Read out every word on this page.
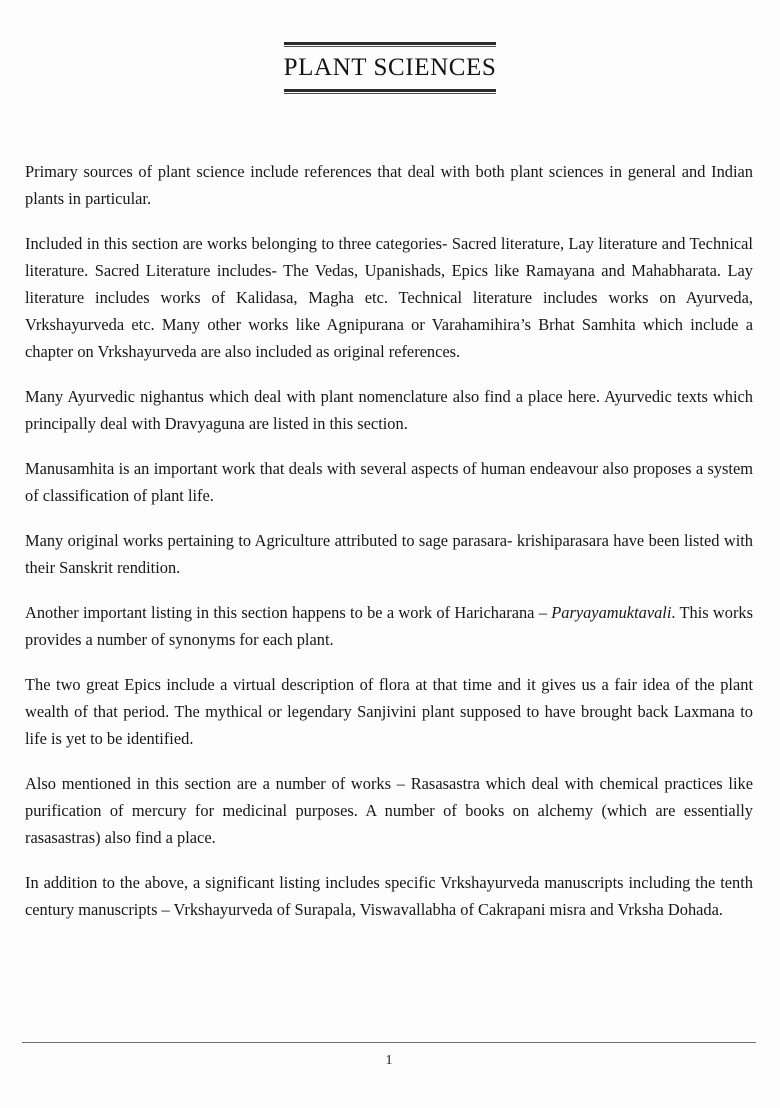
PLANT SCIENCES
Primary sources of plant science include references that deal with both plant sciences in general and Indian plants in particular.
Included in this section are works belonging to three categories- Sacred literature, Lay literature and Technical literature. Sacred Literature includes- The Vedas, Upanishads, Epics like Ramayana and Mahabharata. Lay literature includes works of Kalidasa, Magha etc. Technical literature includes works on Ayurveda, Vrkshayurveda etc. Many other works like Agnipurana or Varahamihira’s Brhat Samhita which include a chapter on Vrkshayurveda are also included as original references.
Many Ayurvedic nighantus which deal with plant nomenclature also find a place here. Ayurvedic texts which principally deal with Dravyaguna are listed in this section.
Manusamhita is an important work that deals with several aspects of human endeavour also proposes a system of classification of plant life.
Many original works pertaining to Agriculture attributed to sage parasara- krishiparasara have been listed with their Sanskrit rendition.
Another important listing in this section happens to be a work of Haricharana – Paryayamuktavali. This works provides a number of synonyms for each plant.
The two great Epics include a virtual description of flora at that time and it gives us a fair idea of the plant wealth of that period. The mythical or legendary Sanjivini plant supposed to have brought back Laxmana to life is yet to be identified.
Also mentioned in this section are a number of works – Rasasastra which deal with chemical practices like purification of mercury for medicinal purposes. A number of books on alchemy (which are essentially rasasastras) also find a place.
In addition to the above, a significant listing includes specific Vrkshayurveda manuscripts including the tenth century manuscripts – Vrkshayurveda of Surapala, Viswavallabha of Cakrapani misra and Vrksha Dohada.
1
